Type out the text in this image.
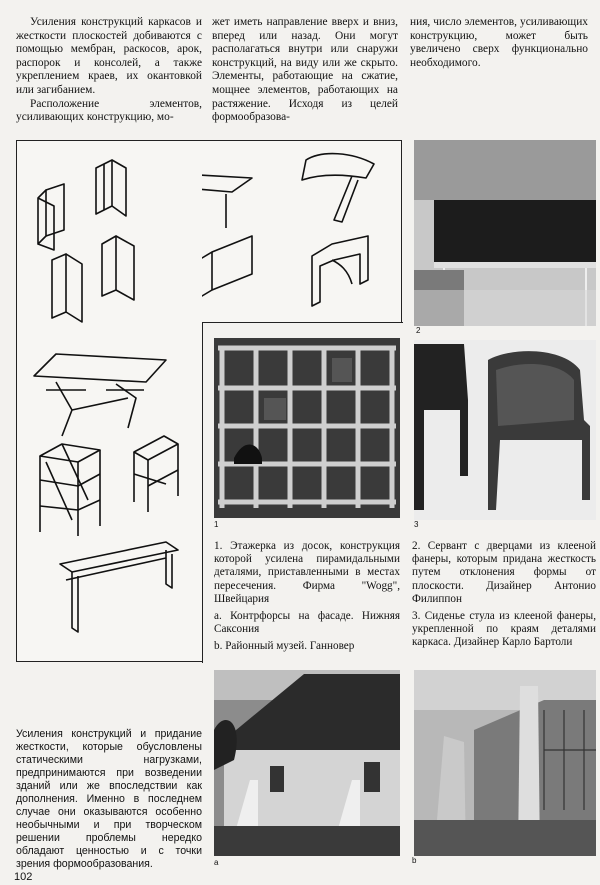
Усиления конструкций каркасов и жесткости плоскостей добиваются с помощью мембран, раскосов, арок, распорок и консолей, а также укреплением краев, их окантовкой или загибанием.

Расположение элементов, усиливающих конструкцию, мо-

жет иметь направление вверх и вниз, вперед или назад. Они могут располагаться внутри или снаружи конструкций, на виду или же скрыто. Элементы, работающие на сжатие, мощнее элементов, работающих на растяжение. Исходя из целей формообразова-

ния, число элементов, усиливающих конструкцию, может быть увеличено сверх функционально необходимого.

1
2
3

1. Этажерка из досок, конструкция которой усилена пирамидальными деталями, приставленными в местах пересечения. Фирма "Wogg", Швейцария

a. Контрфорсы на фасаде. Нижняя Саксония

b. Районный музей. Ганновер

2. Сервант с дверцами из клееной фанеры, которым придана жесткость путем отклонения формы от плоскости. Дизайнер Антонио Филиппон

3. Сиденье стула из клееной фанеры, укрепленной по краям деталями каркаса. Дизайнер Карло Бартоли

Усиления конструкций и придание жесткости, которые обусловлены статическими нагрузками, предпринимаются при возведении зданий или же впоследствии как дополнения. Именно в последнем случае они оказываются особенно необычными и при творческом решении проблемы нередко обладают ценностью и с точки зрения формообразования.	a	b
102
